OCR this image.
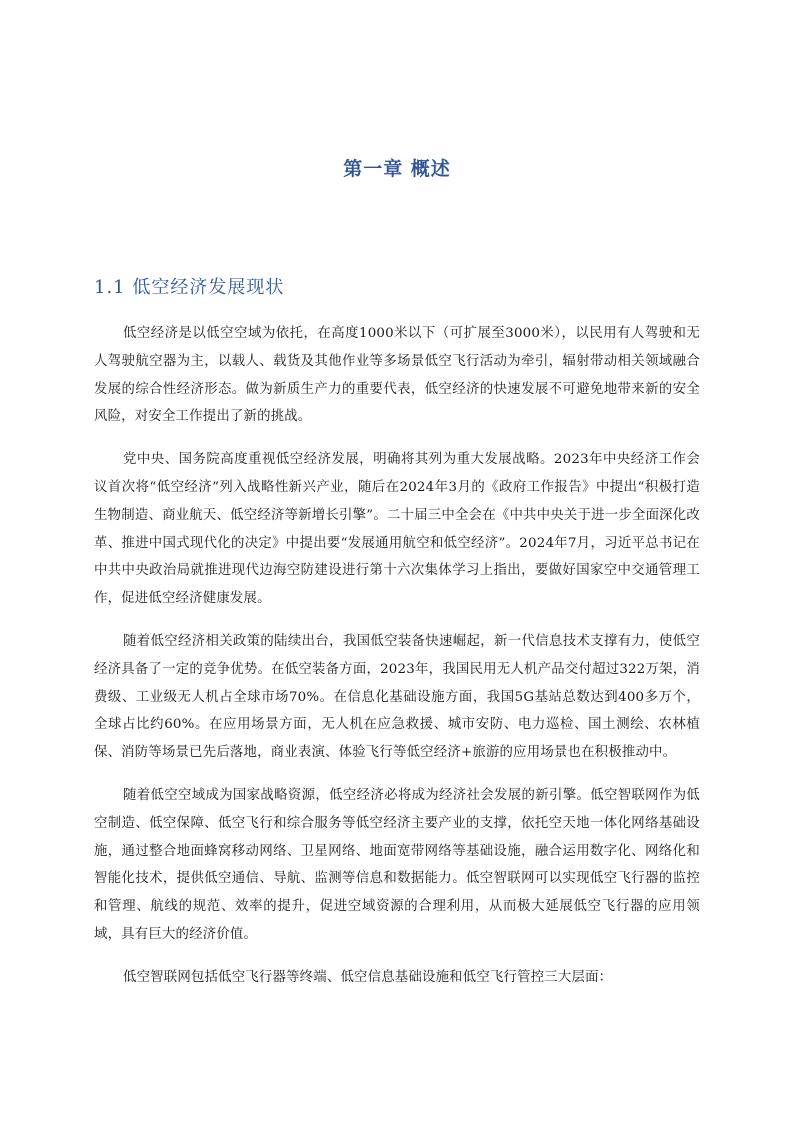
第一章 概述
1.1 低空经济发展现状

低空经济是以低空空域为依托，在高度1000米以下（可扩展至3000米），以民用有人驾驶和无人驾驶航空器为主，以载人、载货及其他作业等多场景低空飞行活动为牵引，辐射带动相关领域融合发展的综合性经济形态。做为新质生产力的重要代表，低空经济的快速发展不可避免地带来新的安全风险，对安全工作提出了新的挑战。

党中央、国务院高度重视低空经济发展，明确将其列为重大发展战略。2023年中央经济工作会议首次将“低空经济”列入战略性新兴产业，随后在2024年3月的《政府工作报告》中提出“积极打造生物制造、商业航天、低空经济等新增长引擎”。二十届三中全会在《中共中央关于进一步全面深化改革、推进中国式现代化的决定》中提出要“发展通用航空和低空经济”。2024年7月，习近平总书记在中共中央政治局就推进现代边海空防建设进行第十六次集体学习上指出，要做好国家空中交通管理工作，促进低空经济健康发展。

随着低空经济相关政策的陆续出台，我国低空装备快速崛起，新一代信息技术支撑有力，使低空经济具备了一定的竞争优势。在低空装备方面，2023年，我国民用无人机产品交付超过322万架，消费级、工业级无人机占全球市场70%。在信息化基础设施方面，我国5G基站总数达到400多万个，全球占比约60%。在应用场景方面，无人机在应急救援、城市安防、电力巡检、国土测绘、农林植保、消防等场景已先后落地，商业表演、体验飞行等低空经济+旅游的应用场景也在积极推动中。

随着低空空域成为国家战略资源，低空经济必将成为经济社会发展的新引擎。低空智联网作为低空制造、低空保障、低空飞行和综合服务等低空经济主要产业的支撑，依托空天地一体化网络基础设施，通过整合地面蜂窝移动网络、卫星网络、地面宽带网络等基础设施，融合运用数字化、网络化和智能化技术，提供低空通信、导航、监测等信息和数据能力。低空智联网可以实现低空飞行器的监控和管理、航线的规范、效率的提升，促进空域资源的合理利用，从而极大延展低空飞行器的应用领域，具有巨大的经济价值。

低空智联网包括低空飞行器等终端、低空信息基础设施和低空飞行管控三大层面：
